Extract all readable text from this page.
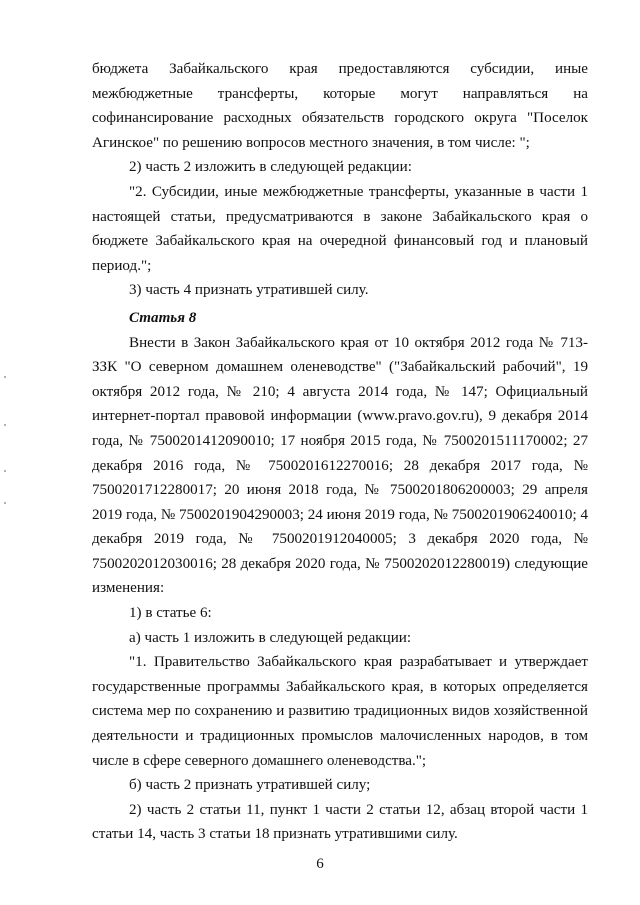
бюджета Забайкальского края предоставляются субсидии, иные межбюджетные трансферты, которые могут направляться на софинансирование расходных обязательств городского округа "Поселок Агинское" по решению вопросов местного значения, в том числе: ";

2) часть 2 изложить в следующей редакции:

"2. Субсидии, иные межбюджетные трансферты, указанные в части 1 настоящей статьи, предусматриваются в законе Забайкальского края о бюджете Забайкальского края на очередной финансовый год и плановый период.";

3) часть 4 признать утратившей силу.

Статья 8

Внести в Закон Забайкальского края от 10 октября 2012 года № 713-ЗЗК "О северном домашнем оленеводстве" ("Забайкальский рабочий", 19 октября 2012 года, № 210; 4 августа 2014 года, № 147; Официальный интернет-портал правовой информации (www.pravo.gov.ru), 9 декабря 2014 года, № 7500201412090010; 17 ноября 2015 года, № 7500201511170002; 27 декабря 2016 года, № 7500201612270016; 28 декабря 2017 года, № 7500201712280017; 20 июня 2018 года, № 7500201806200003; 29 апреля 2019 года, № 7500201904290003; 24 июня 2019 года, № 7500201906240010; 4 декабря 2019 года, № 7500201912040005; 3 декабря 2020 года, № 7500202012030016; 28 декабря 2020 года, № 7500202012280019) следующие изменения:

1) в статье 6:

а) часть 1 изложить в следующей редакции:

"1. Правительство Забайкальского края разрабатывает и утверждает государственные программы Забайкальского края, в которых определяется система мер по сохранению и развитию традиционных видов хозяйственной деятельности и традиционных промыслов малочисленных народов, в том числе в сфере северного домашнего оленеводства.";

б) часть 2 признать утратившей силу;

2) часть 2 статьи 11, пункт 1 части 2 статьи 12, абзац второй части 1 статьи 14, часть 3 статьи 18 признать утратившими силу.

6
